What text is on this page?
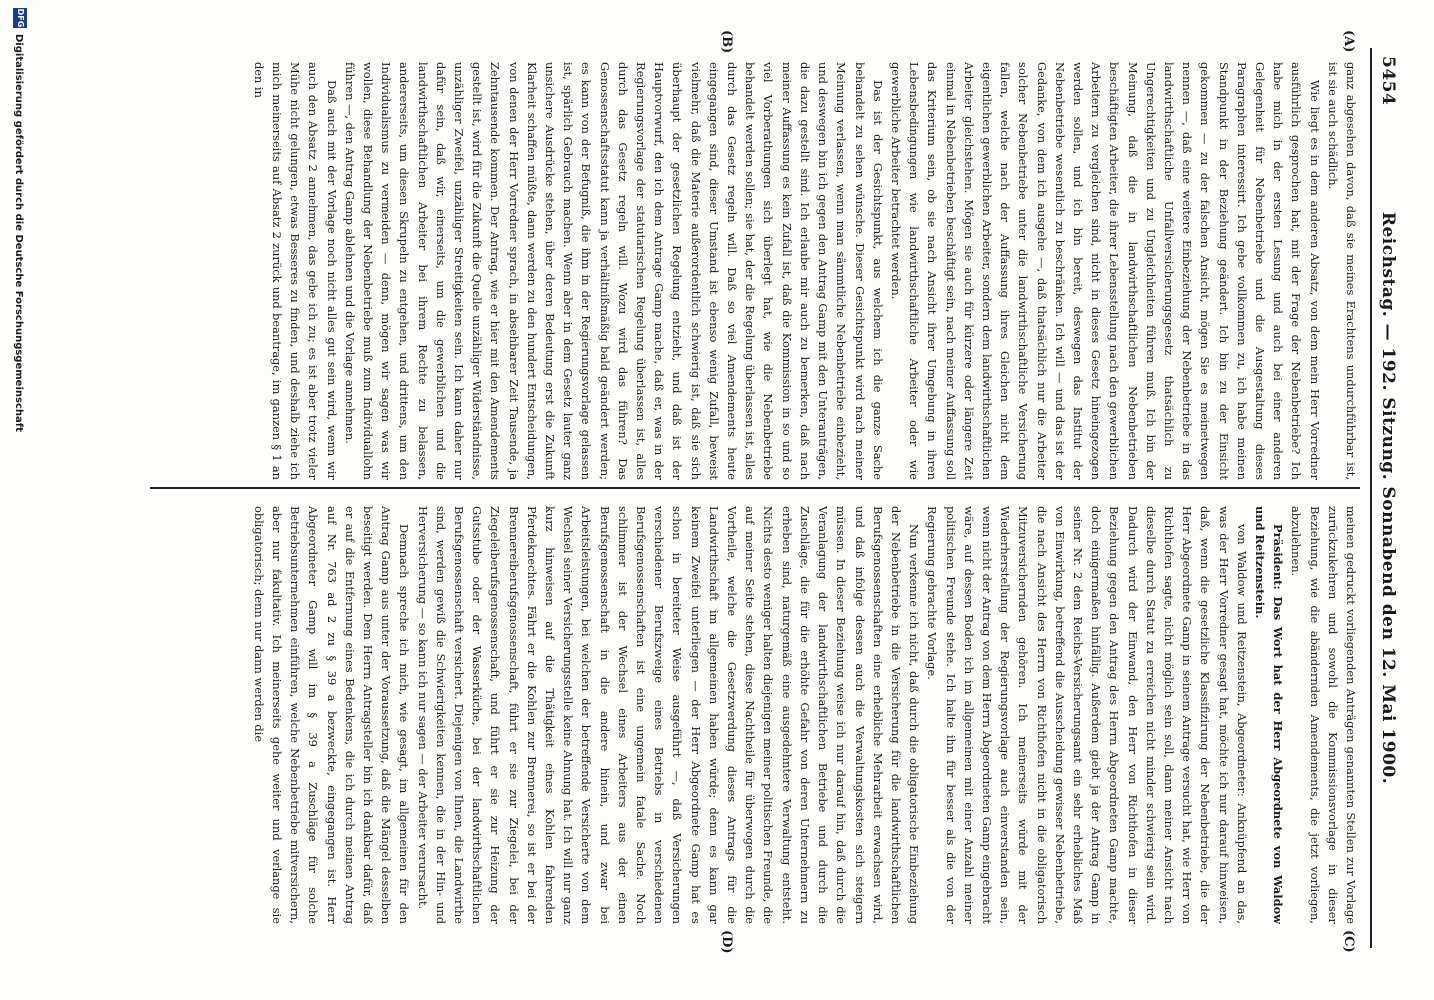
5454
Reichstag. — 192. Sitzung. Sonnabend den 12. Mai 1900.
(A)
(B)
(C)
(D)

ganz abgesehen davon, daß sie meines Erachtens undurchführbar ist, ist sie auch schädlich.

Wie liegt es in dem anderen Absatz, von dem mein Herr Vorredner ausführlich gesprochen hat, mit der Frage der Nebenbetriebe? Ich habe mich in der ersten Lesung und auch bei einer anderen Gelegenheit für Nebenbetriebe und die Ausgestaltung dieses Paragraphen interessirt. Ich gebe vollkommen zu, ich habe meinen Standpunkt in der Beziehung geändert. Ich bin zu der Einsicht gekommen — zu der falschen Ansicht, mögen Sie es meinetwegen nennen —, daß eine weitere Einbeziehung der Nebenbetriebe in das landwirthschaftliche Unfallversicherungsgesetz thatsächlich zu Ungerechtigkeiten und zu Ungleichheiten führen muß. Ich bin der Meinung, daß die in landwirthschaftlichen Nebenbetrieben beschäftigten Arbeiter, die ihrer Lebensstellung nach den gewerblichen Arbeitern zu vergleichen sind, nicht in dieses Gesetz hineingezogen werden sollen, und ich bin bereit, deswegen das Institut der Nebenbetriebe wesentlich zu beschränken. Ich will — und das ist der Gedanke, von dem ich ausgehe —, daß thatsächlich nur die Arbeiter solcher Nebenbetriebe unter die landwirthschaftliche Versicherung fallen, welche nach der Auffassung ihres Gleichen nicht dem eigentlichen gewerblichen Arbeiter, sondern dem landwirthschaftlichen Arbeiter gleichstehen. Mögen sie auch für kürzere oder längere Zeit einmal in Nebenbetrieben beschäftigt sein, nach meiner Auffassung soll das Kriterium sein, ob sie nach Ansicht ihrer Umgebung in ihren Lebensbedingungen wie landwirthschaftliche Arbeiter oder wie gewerbliche Arbeiter betrachtet werden.

Das ist der Gesichtspunkt, aus welchem ich die ganze Sache behandelt zu sehen wünsche. Dieser Gesichtspunkt wird nach meiner Meinung verlassen, wenn man sämmtliche Nebenbetriebe einbezieht, und deswegen bin ich gegen den Antrag Gamp mit den Unteranträgen, die dazu gestellt sind. Ich erlaube mir auch zu bemerken, daß nach meiner Auffassung es kein Zufall ist, daß die Kommission in so und so viel Vorberathungen sich überlegt hat, wie die Nebenbetriebe behandelt werden sollen; sie hat, der die Regelung überlassen ist, alles durch das Gesetz regeln will. Daß so viel Amendements heute eingegangen sind, dieser Umstand ist ebenso wenig Zufall, beweist vielmehr, daß die Materie außerordentlich schwierig ist, daß sie sich überhaupt der gesetzlichen Regelung entzieht, und daß ist der Hauptvorwurf, den ich dem Antrage Gamp mache, daß er, was in der Regierungsvorlage der statutarischen Regelung überlassen ist, alles durch das Gesetz regeln will. Wozu wird das führen? Das Genossenschaftsstatut kann ja verhältnißmäßig bald geändert werden; es kann von der Befugniß, die ihm in der Regierungsvorlage gelassen ist, spärlich Gebrauch machen. Wenn aber in dem Gesetz lauter ganz unsichere Ausdrücke stehen, über deren Bedeutung erst die Zukunft Klarheit schaffen müßte, dann werden zu den hundert Entscheidungen, von denen der Herr Vorredner sprach, in absehbarer Zeit Tausende, ja Zehntausende kommen. Der Antrag, wie er hier mit den Amendements gestellt ist, wird für die Zukunft die Quelle unzähliger Widerständnisse, unzähliger Zweifel, unzähliger Streitigkeiten sein. Ich kann daher nur dafür sein, daß wir, einerseits, um die gewerblichen und die landwirthschaftlichen Arbeiter bei ihrem Rechte zu belassen, andererseits, um diesen Skrupeln zu entgehen, und drittens, um den Individualismus zu vermeiden — denn, mögen wir sagen was wir wollen, diese Behandlung der Nebenbetriebe muß zum Individuallohn führen —, den Antrag Gamp ablehnen und die Vorlage annehmen.

Daß auch mit der Vorlage noch nicht alles gut sein wird, wenn wir auch den Absatz 2 annehmen, das gebe ich zu; es ist aber trotz vieler Mühe nicht gelungen, etwas Besseres zu finden, und deshalb ziehe ich mich meinerseits auf Absatz 2 zurück und beantrage, im ganzen § 1 an den in

meinen gedruckt vorliegenden Anträgen genannten Stellen zur Vorlage zurückzukehren und sowohl die Kommissionsvorlage in dieser Beziehung, wie die abändernden Amendements, die jetzt vorliegen, abzulehnen.

Präsident: Das Wort hat der Herr Abgeordnete von Waldow und Reitzenstein.

von Waldow und Reitzenstein, Abgeordneter: Anknüpfend an das, was der Herr Vorredner gesagt hat, möchte ich nur darauf hinweisen, daß, wenn die gesetzliche Klassifizirung der Nebenbetriebe, die der Herr Abgeordnete Gamp in seinem Antrage versucht hat, wie Herr von Richthofen sagte, nicht möglich sein soll, dann meiner Ansicht nach dieselbe durch Statut zu erreichen nicht minder schwierig sein wird. Dadurch wird der Einwand, den Herr von Richthofen in dieser Beziehung gegen den Antrag des Herrn Abgeordneten Gamp machte, doch einigermaßen hinfällig. Außerdem giebt ja der Antrag Gamp in seiner Nr. 2 dem Reichs-Versicherungsamt ein sehr erhebliches Maß von Einwirkung, betreffend die Ausscheidung gewisser Nebenbetriebe, die nach Ansicht des Herrn von Richthofen nicht in die obligatorisch Mitzuversichernden gehören. Ich meinerseits würde mit der Wiederherstellung der Regierungsvorlage auch einverstanden sein, wenn nicht der Antrag von dem Herrn Abgeordneten Gamp eingebracht wäre, auf dessen Boden ich im allgemeinen mit einer Anzahl meiner politischen Freunde stehe. Ich halte ihn für besser als die von der Regierung gebrachte Vorlage.

Nun verkenne ich nicht, daß durch die obligatorische Einbeziehung der Nebenbetriebe in die Versicherung für die landwirthschaftlichen Berufsgenossenschaften eine erhebliche Mehrarbeit erwachsen wird, und daß infolge dessen auch die Verwaltungskosten sich steigern müssen. In dieser Beziehung weise ich nur darauf hin, daß durch die Veranlagung der landwirthschaftlichen Betriebe und durch die Zuschläge, die für die erhöhte Gefahr von deren Unternehmern zu erheben sind, naturgemäß eine ausgedehntere Verwaltung entsteht. Nichts desto weniger halten diejenigen meiner politischen Freunde, die auf meiner Seite stehen, diese Nachtheile für überwogen durch die Vortheile, welche die Gesetzwerdung dieses Antrags für die Landwirthschaft im allgemeinen haben würde; denn es kann gar keinem Zweifel unterliegen — der Herr Abgeordnete Gamp hat es schon in bereiteter Weise ausgeführt —, daß Versicherungen verschiedener Berufszweige eines Betriebs in verschiedenen Berufsgenossenschaften ist eine ungemein fatale Sache. Noch schlimmer ist der Wechsel eines Arbeiters aus der einen Berufsgenossenschaft in die andere hinein, und zwar bei Arbeitsleistungen, bei welchen der betreffende Versicherte von dem Wechsel seiner Versicherungsstelle keine Ahnung hat. Ich will nur ganz kurz hinweisen auf die Thätigkeit eines Kohlen fahrenden Pferdeknechtes. Fährt er die Kohlen zur Brennerei, so ist er bei der Brennereiberufsgenossenschaft, führt er sie zur Ziegelei, bei der Ziegeleiberufsgenossenschaft, und führt er sie zur Heizung der Gutsstube oder der Wasserküche, bei der landwirthschaftlichen Berufsgenossenschaft versichert. Diejenigen von Ihnen, die Landwirthe sind, werden gewiß die Schwierigkeiten kennen, die in der Hin- und Herversicherung — so kann ich nur sagen — der Arbeiter verursacht.

Demnach spreche ich mich, wie gesagt, im allgemeinen für den Antrag Gamp aus unter der Voraussetzung, daß die Mängel desselben beseitigt werden. Dem Herrn Antragsteller bin ich dankbar dafür, daß er auf die Entfernung eines Bedenkens, die ich durch meinen Antrag auf Nr. 763 ad 2 zu § 39 a bezweckte, eingegangen ist. Herr Abgeordneter Gamp will im § 39 a Zuschläge für solche Betriebsunternehmen einführen, welche Nebenbetriebe mitversichern, aber nur fakultativ. Ich meinerseits gehe weiter und verlange sie obligatorisch; denn nur dann werden die

DFG
Digitalisierung gefördert durch die Deutsche Forschungsgemeinschaft
